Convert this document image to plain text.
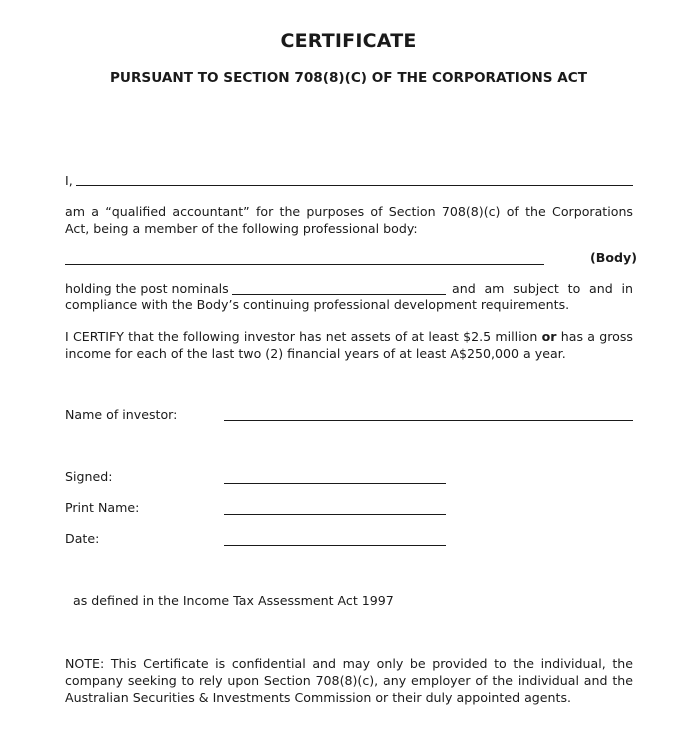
CERTIFICATE
PURSUANT TO SECTION 708(8)(C) OF THE CORPORATIONS ACT
I,
am a “qualified accountant” for the purposes of Section 708(8)(c) of the Corporations Act, being a member of the following professional body:
(Body)
holding the post nominals	and am subject to and in
compliance with the Body’s continuing professional development requirements.
I CERTIFY that the following investor has net assets of at least $2.5 million or has a gross income for each of the last two (2) financial years of at least A$250,000 a year.
Name of investor:
Signed:
Print Name:
Date:
as defined in the Income Tax Assessment Act 1997
NOTE: This Certificate is confidential and may only be provided to the individual, the company seeking to rely upon Section 708(8)(c), any employer of the individual and the Australian Securities & Investments Commission or their duly appointed agents.
